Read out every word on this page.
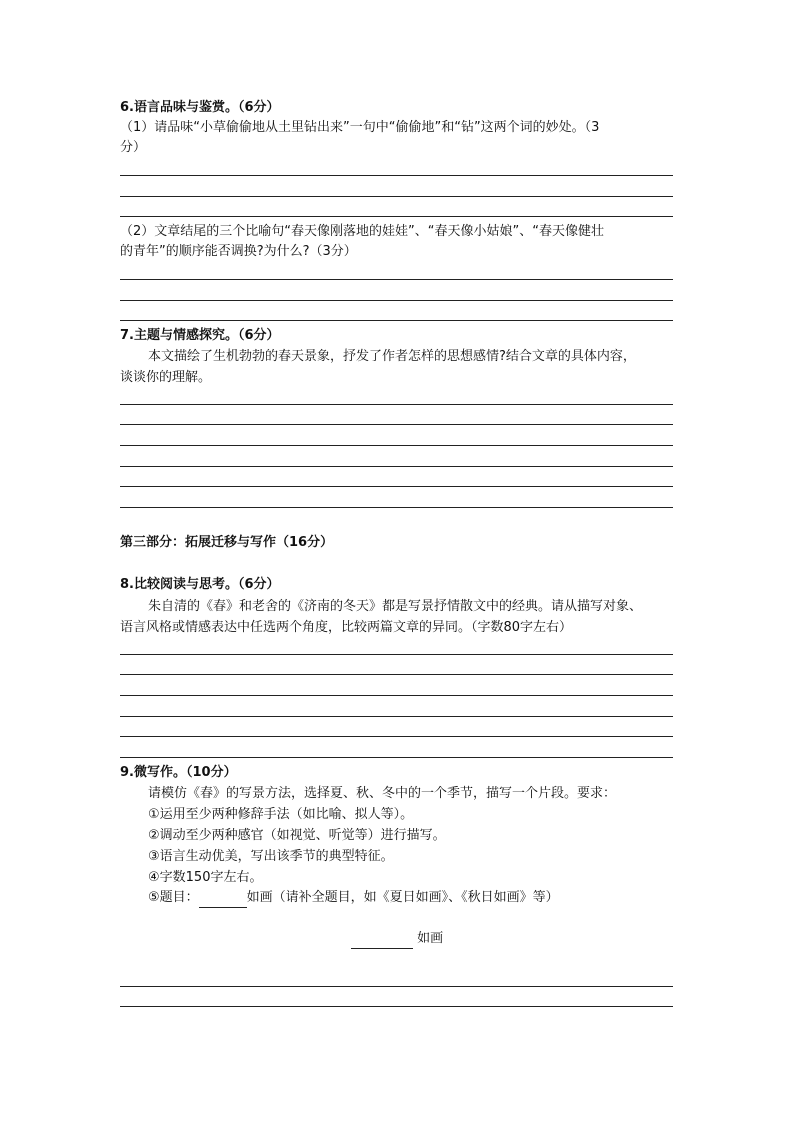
6.语言品味与鉴赏。（6分）
（1）请品味“小草偷偷地从土里钻出来”一句中“偷偷地”和“钻”这两个词的妙处。（3
分）
（2）文章结尾的三个比喻句“春天像刚落地的娃娃”、“春天像小姑娘”、“春天像健壮
的青年”的顺序能否调换?为什么?（3分）
7.主题与情感探究。（6分）
本文描绘了生机勃勃的春天景象，抒发了作者怎样的思想感情?结合文章的具体内容，
谈谈你的理解。
第三部分：拓展迁移与写作（16分）
8.比较阅读与思考。（6分）
朱自清的《春》和老舍的《济南的冬天》都是写景抒情散文中的经典。请从描写对象、
语言风格或情感表达中任选两个角度，比较两篇文章的异同。（字数80字左右）
9.微写作。（10分）
请模仿《春》的写景方法，选择夏、秋、冬中的一个季节，描写一个片段。要求：
①运用至少两种修辞手法（如比喻、拟人等）。
②调动至少两种感官（如视觉、听觉等）进行描写。
③语言生动优美，写出该季节的典型特征。
④字数150字左右。
⑤题目：	如画（请补全题目，如《夏日如画》、《秋日如画》等）
如画
